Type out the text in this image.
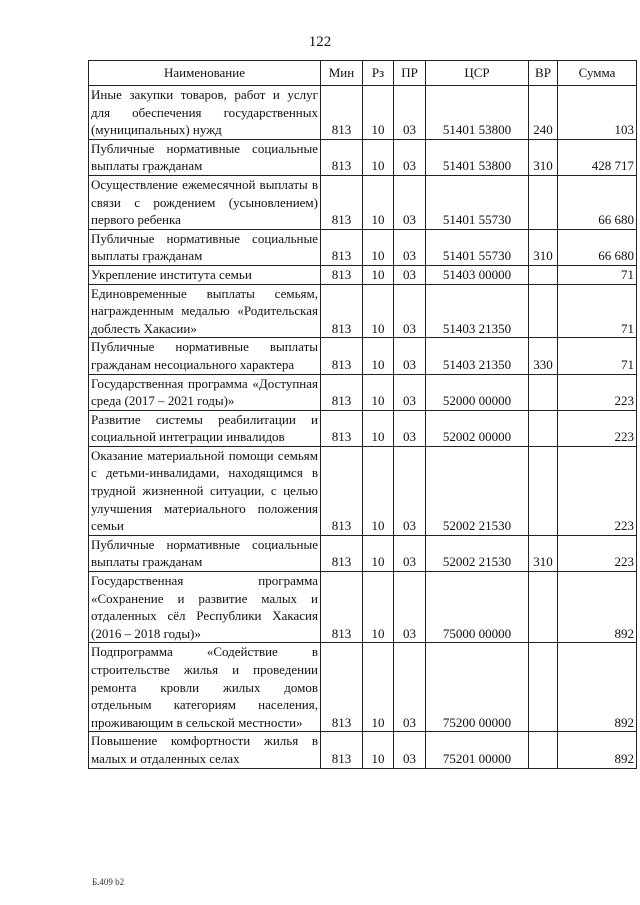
122
Наименование	Мин	Рз	ПР	ЦСР	ВР	Сумма
Иные закупки товаров, работ и услуг для обеспечения государственных (муниципальных) нужд	813	10	03	51401 53800	240	103
Публичные нормативные социальные выплаты гражданам	813	10	03	51401 53800	310	428 717
Осуществление ежемесячной выплаты в связи с рождением (усыновлением) первого ребенка	813	10	03	51401 55730		66 680
Публичные нормативные социальные выплаты гражданам	813	10	03	51401 55730	310	66 680
Укрепление института семьи	813	10	03	51403 00000		71
Единовременные выплаты семьям, награжденным медалью «Родительская доблесть Хакасии»	813	10	03	51403 21350		71
Публичные нормативные выплаты гражданам несоциального характера	813	10	03	51403 21350	330	71
Государственная программа «Доступная среда (2017 – 2021 годы)»	813	10	03	52000 00000		223
Развитие системы реабилитации и социальной интеграции инвалидов	813	10	03	52002 00000		223
Оказание материальной помощи семьям с детьми-инвалидами, находящимся в трудной жизненной ситуации, с целью улучшения материального положения семьи	813	10	03	52002 21530		223
Публичные нормативные социальные выплаты гражданам	813	10	03	52002 21530	310	223
Государственная программа «Сохранение и развитие малых и отдаленных сёл Республики Хакасия (2016 – 2018 годы)»	813	10	03	75000 00000		892
Подпрограмма «Содействие в строительстве жилья и проведении ремонта кровли жилых домов отдельным категориям населения, проживающим в сельской местности»	813	10	03	75200 00000		892
Повышение комфортности жилья в малых и отдаленных селах	813	10	03	75201 00000		892
Б.409 b2
